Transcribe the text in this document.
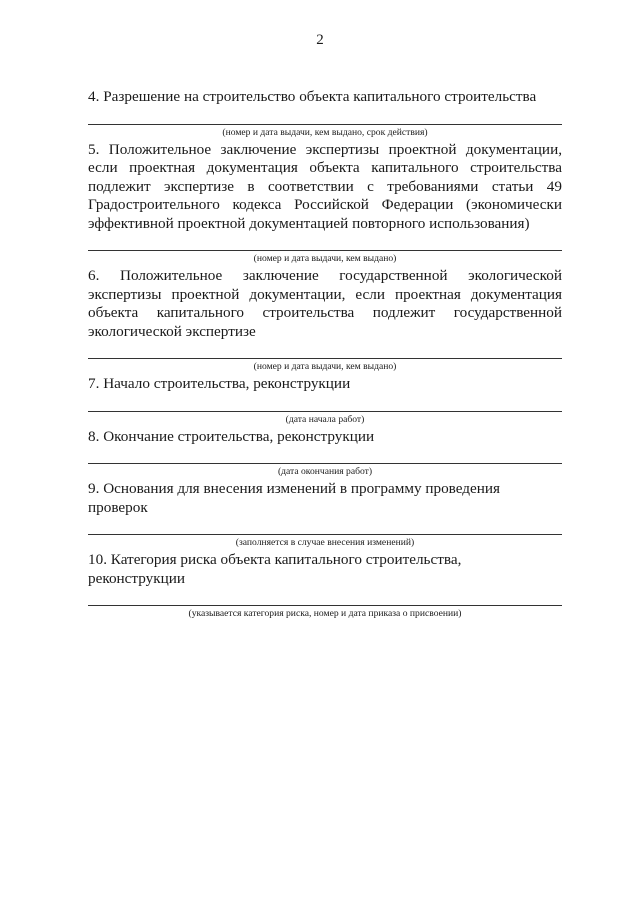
2
4. Разрешение на строительство объекта капитального строительства
(номер и дата выдачи, кем выдано, срок действия)
5. Положительное заключение экспертизы проектной документации, если проектная документация объекта капитального строительства подлежит экспертизе в соответствии с требованиями статьи 49 Градостроительного кодекса Российской Федерации (экономически эффективной проектной документацией повторного использования)
(номер и дата выдачи, кем выдано)
6. Положительное заключение государственной экологической экспертизы проектной документации, если проектная документация объекта капитального строительства подлежит государственной экологической экспертизе
(номер и дата выдачи, кем выдано)
7. Начало строительства, реконструкции
(дата начала работ)
8. Окончание строительства, реконструкции
(дата окончания работ)
9. Основания для внесения изменений в программу проведения проверок
(заполняется в случае внесения изменений)
10. Категория риска объекта капитального строительства, реконструкции
(указывается категория риска, номер и дата приказа о присвоении)
